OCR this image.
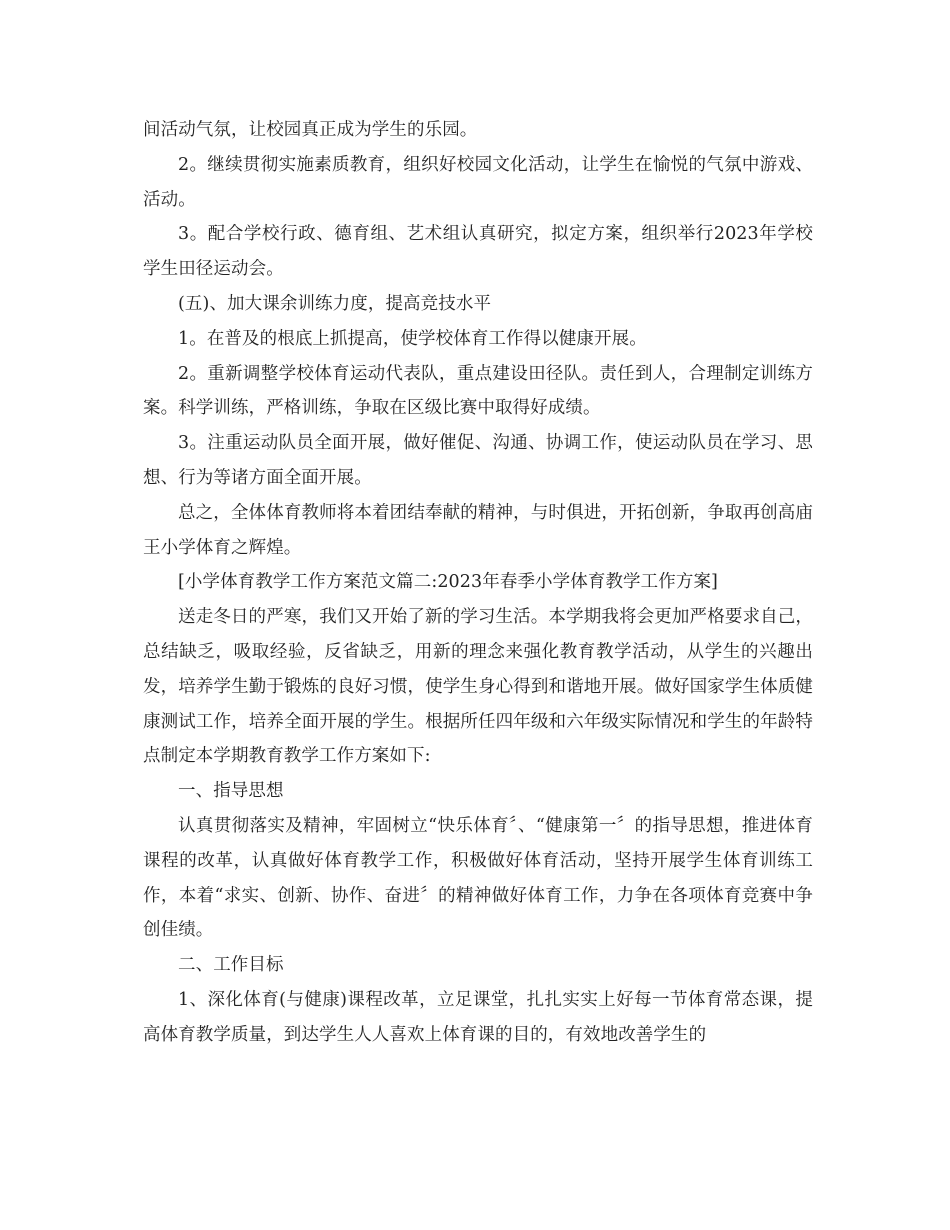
间活动气氛，让校园真正成为学生的乐园。

2。继续贯彻实施素质教育，组织好校园文化活动，让学生在愉悦的气氛中游戏、活动。

3。配合学校行政、德育组、艺术组认真研究，拟定方案，组织举行2023年学校学生田径运动会。

(五)、加大课余训练力度，提高竞技水平

1。在普及的根底上抓提高，使学校体育工作得以健康开展。

2。重新调整学校体育运动代表队，重点建设田径队。责任到人，合理制定训练方案。科学训练，严格训练，争取在区级比赛中取得好成绩。

3。注重运动队员全面开展，做好催促、沟通、协调工作，使运动队员在学习、思想、行为等诸方面全面开展。

总之，全体体育教师将本着团结奉献的精神，与时俱进，开拓创新，争取再创高庙王小学体育之辉煌。

[小学体育教学工作方案范文篇二:2023年春季小学体育教学工作方案]

送走冬日的严寒，我们又开始了新的学习生活。本学期我将会更加严格要求自己，总结缺乏，吸取经验，反省缺乏，用新的理念来强化教育教学活动，从学生的兴趣出发，培养学生勤于锻炼的良好习惯，使学生身心得到和谐地开展。做好国家学生体质健康测试工作，培养全面开展的学生。根据所任四年级和六年级实际情况和学生的年龄特点制定本学期教育教学工作方案如下:

一、指导思想

认真贯彻落实及精神，牢固树立“快乐体育〞、“健康第一〞的指导思想，推进体育课程的改革，认真做好体育教学工作，积极做好体育活动，坚持开展学生体育训练工作，本着“求实、创新、协作、奋进〞的精神做好体育工作，力争在各项体育竞赛中争创佳绩。

二、工作目标

1、深化体育(与健康)课程改革，立足课堂，扎扎实实上好每一节体育常态课，提高体育教学质量，到达学生人人喜欢上体育课的目的，有效地改善学生的
